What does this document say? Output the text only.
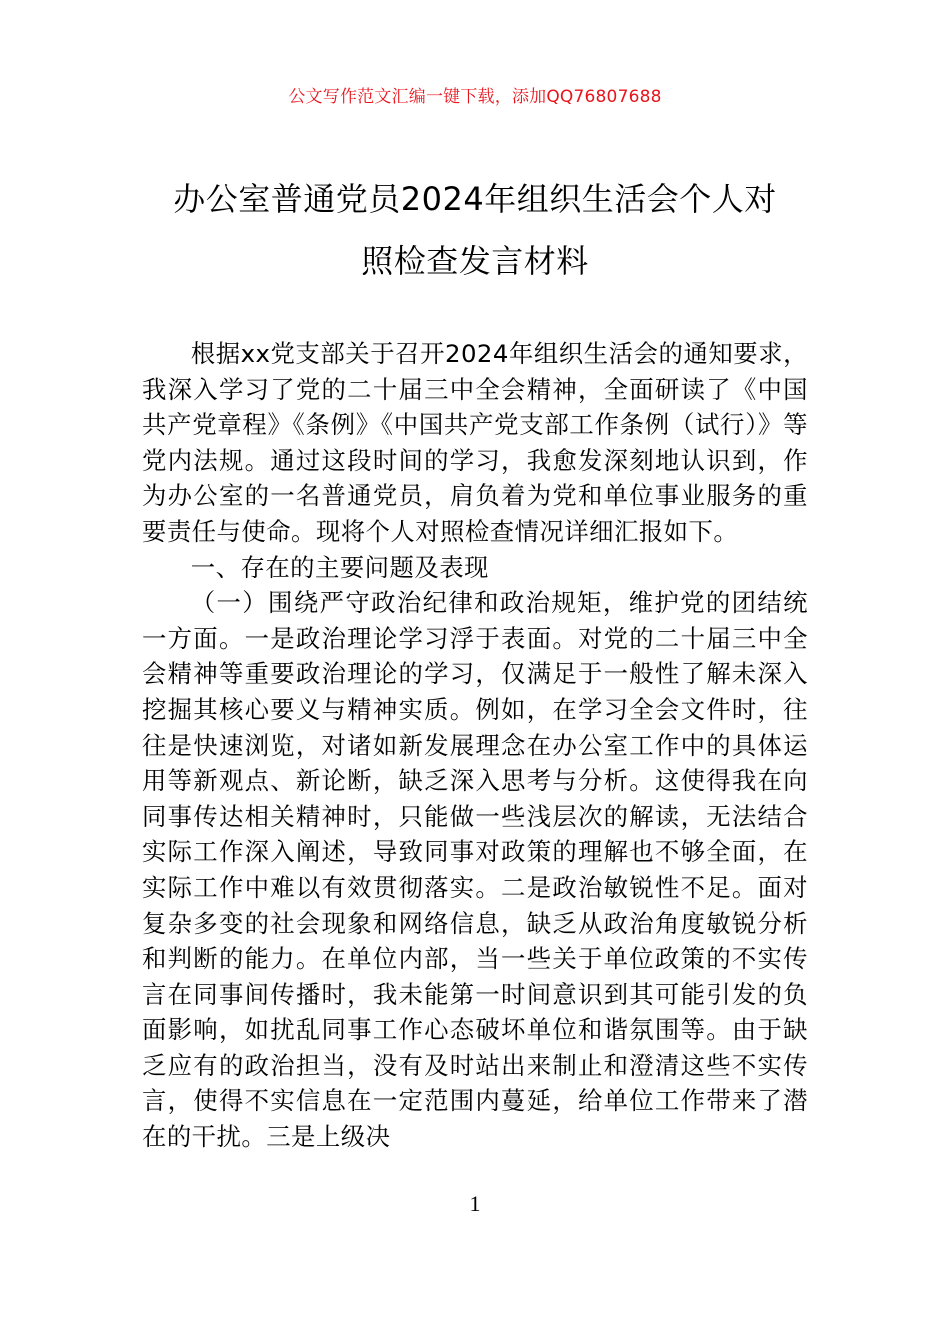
公文写作范文汇编一键下载，添加QQ76807688
办公室普通党员2024年组织生活会个人对
照检查发言材料

根据xx党支部关于召开2024年组织生活会的通知要求，我深入学习了党的二十届三中全会精神，全面研读了《中国共产党章程》《条例》《中国共产党支部工作条例（试行）》等党内法规。通过这段时间的学习，我愈发深刻地认识到，作为办公室的一名普通党员，肩负着为党和单位事业服务的重要责任与使命。现将个人对照检查情况详细汇报如下。

一、存在的主要问题及表现

（一）围绕严守政治纪律和政治规矩，维护党的团结统一方面。一是政治理论学习浮于表面。对党的二十届三中全会精神等重要政治理论的学习，仅满足于一般性了解未深入挖掘其核心要义与精神实质。例如，在学习全会文件时，往往是快速浏览，对诸如新发展理念在办公室工作中的具体运用等新观点、新论断，缺乏深入思考与分析。这使得我在向同事传达相关精神时，只能做一些浅层次的解读，无法结合实际工作深入阐述，导致同事对政策的理解也不够全面，在实际工作中难以有效贯彻落实。二是政治敏锐性不足。面对复杂多变的社会现象和网络信息，缺乏从政治角度敏锐分析和判断的能力。在单位内部，当一些关于单位政策的不实传言在同事间传播时，我未能第一时间意识到其可能引发的负面影响，如扰乱同事工作心态破坏单位和谐氛围等。由于缺乏应有的政治担当，没有及时站出来制止和澄清这些不实传言，使得不实信息在一定范围内蔓延，给单位工作带来了潜在的干扰。三是上级决

1
